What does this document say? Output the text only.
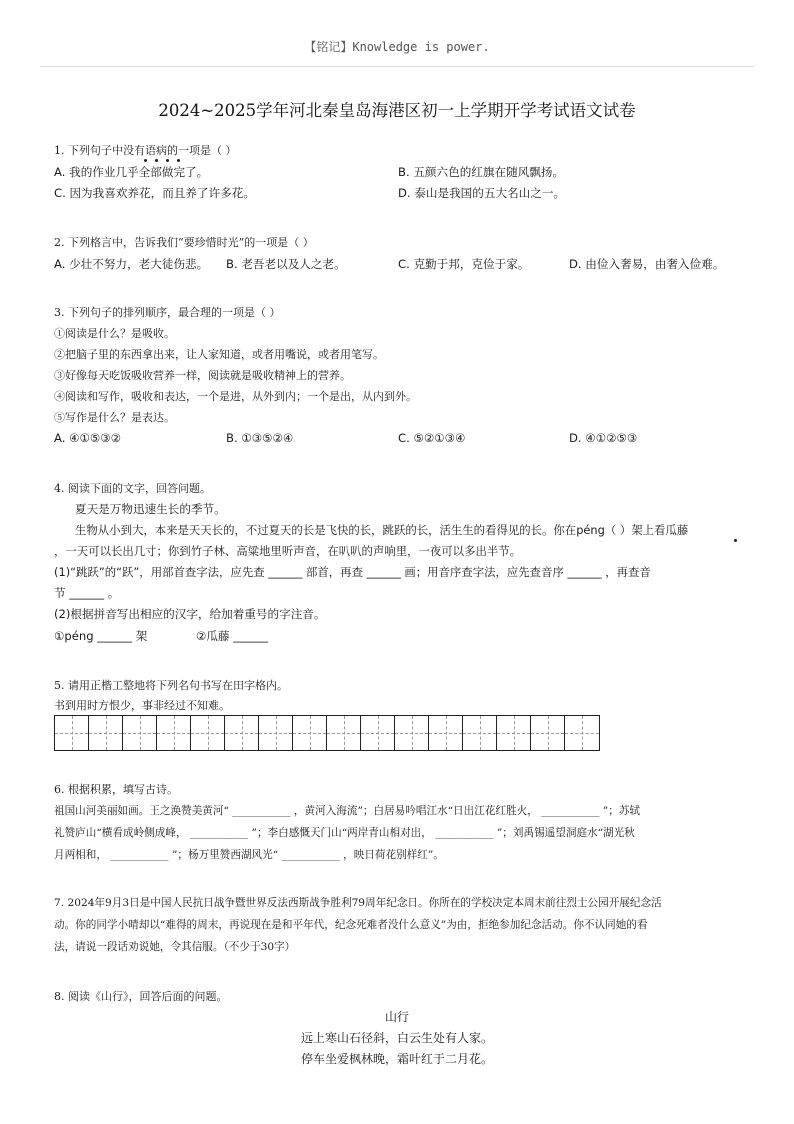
【铭记】Knowledge is power.
2024~2025学年河北秦皇岛海港区初一上学期开学考试语文试卷
1. 下列句子中没有语病的一项是（ ）
A. 我的作业几乎全部做完了。	B. 五颜六色的红旗在随风飘扬。
C. 因为我喜欢养花，而且养了许多花。	D. 泰山是我国的五大名山之一。
2. 下列格言中，告诉我们“要珍惜时光”的一项是（ ）
A. 少壮不努力，老大徒伤悲。 B. 老吾老以及人之老。	C. 克勤于邦，克俭于家。	D. 由俭入奢易，由奢入俭难。
3. 下列句子的排列顺序，最合理的一项是（ ）
①阅读是什么？是吸收。
②把脑子里的东西拿出来，让人家知道，或者用嘴说，或者用笔写。
③好像每天吃饭吸收营养一样，阅读就是吸收精神上的营养。
④阅读和写作，吸收和表达，一个是进，从外到内；一个是出，从内到外。
⑤写作是什么？是表达。
A. ④①⑤③②	B. ①③⑤②④	C. ⑤②①③④	D. ④①②⑤③
4. 阅读下面的文字，回答问题。
夏天是万物迅速生长的季节。
生物从小到大，本来是天天长的，不过夏天的长是飞快的长，跳跃的长，活生生的看得见的长。你在péng（ ）架上看瓜藤
，一天可以长出几寸；你到竹子林、高粱地里听声音，在叭叭的声响里，一夜可以多出半节。
(1)“跳跃”的“跃”，用部首查字法，应先查 ______ 部首，再查 ______ 画；用音序查字法，应先查音序 ______ ，再查音
节 ______ 。
(2)根据拼音写出相应的汉字，给加着重号的字注音。
①péng ______ 架	②瓜藤 ______
5. 请用正楷工整地将下列名句书写在田字格内。
书到用时方恨少，事非经过不知难。
6. 根据积累，填写古诗。
祖国山河美丽如画。王之涣赞美黄河“ ___________ ，黄河入海流”；白居易吟唱江水“日出江花红胜火， ___________ ”；苏轼
礼赞庐山“横看成岭侧成峰， ___________ ”；李白感慨天门山“两岸青山相对出， ___________ ”；刘禹锡遥望洞庭水“湖光秋
月两相和， ___________ ”；杨万里赞西湖风光“ ___________ ，映日荷花别样红”。
7. 2024年9月3日是中国人民抗日战争暨世界反法西斯战争胜利79周年纪念日。你所在的学校决定本周末前往烈士公园开展纪念活
动。你的同学小晴却以“难得的周末，再说现在是和平年代，纪念死难者没什么意义”为由，拒绝参加纪念活动。你不认同她的看
法，请说一段话劝说她，令其信服。（不少于30字）
8. 阅读《山行》，回答后面的问题。
山行
远上寒山石径斜，白云生处有人家。
停车坐爱枫林晚，霜叶红于二月花。
